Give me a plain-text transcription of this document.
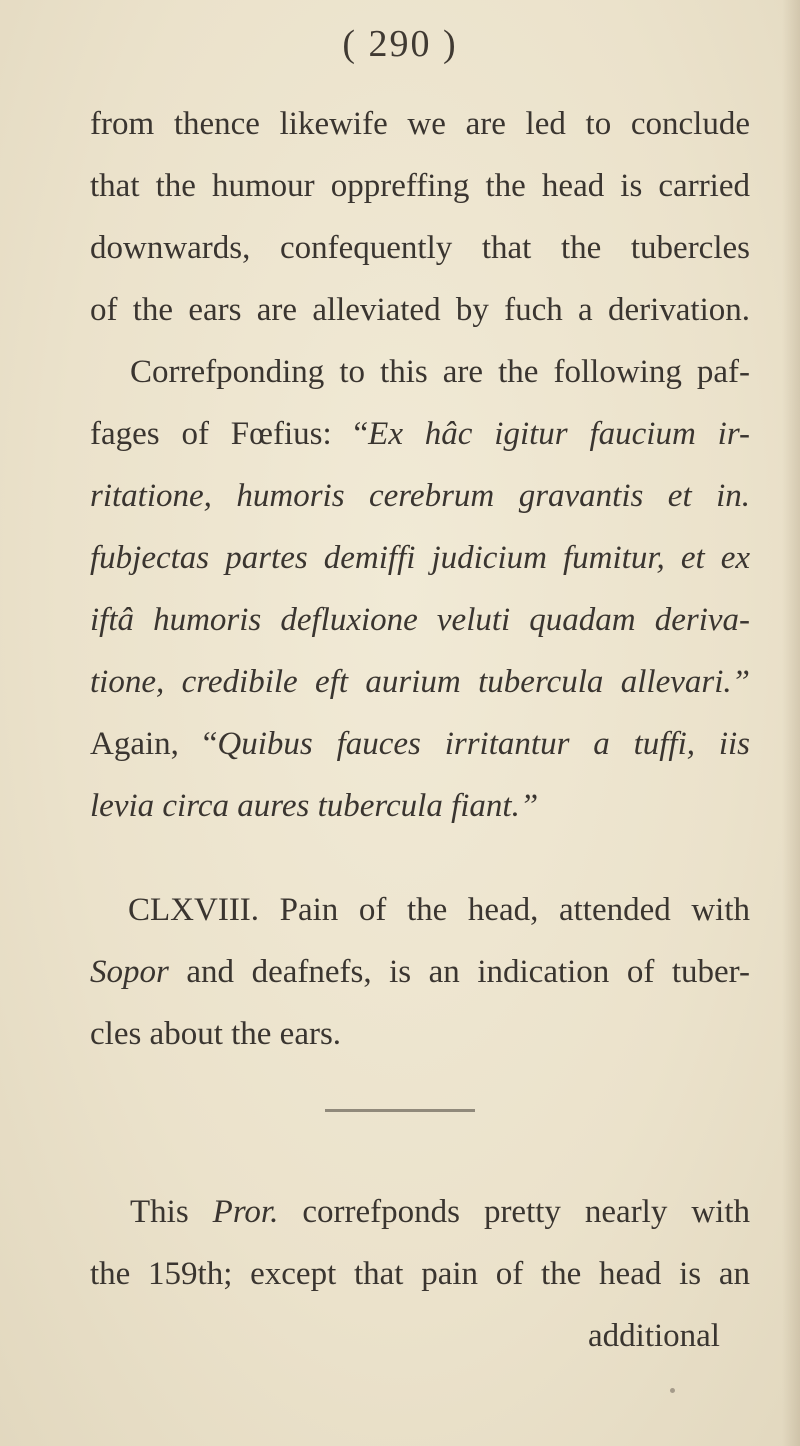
( 290 )
from thence likewife we are led to conclude
that the humour oppreffing the head is carried
downwards, confequently that the tubercles
of the ears are alleviated by fuch a derivation.
Correfponding to this are the following paf-
fages of Fœfius: “Ex hâc igitur faucium ir-
ritatione, humoris cerebrum gravantis et in.
fubjectas partes demiffi judicium fumitur, et ex
iftâ humoris defluxione veluti quadam deriva-
tione, credibile eft aurium tubercula allevari.”
Again, “Quibus fauces irritantur a tuffi, iis
levia circa aures tubercula fiant.”
CLXVIII. Pain of the head, attended with
Sopor and deafnefs, is an indication of tuber-
cles about the ears.
This Pror. correfponds pretty nearly with
the 159th; except that pain of the head is an
additional
